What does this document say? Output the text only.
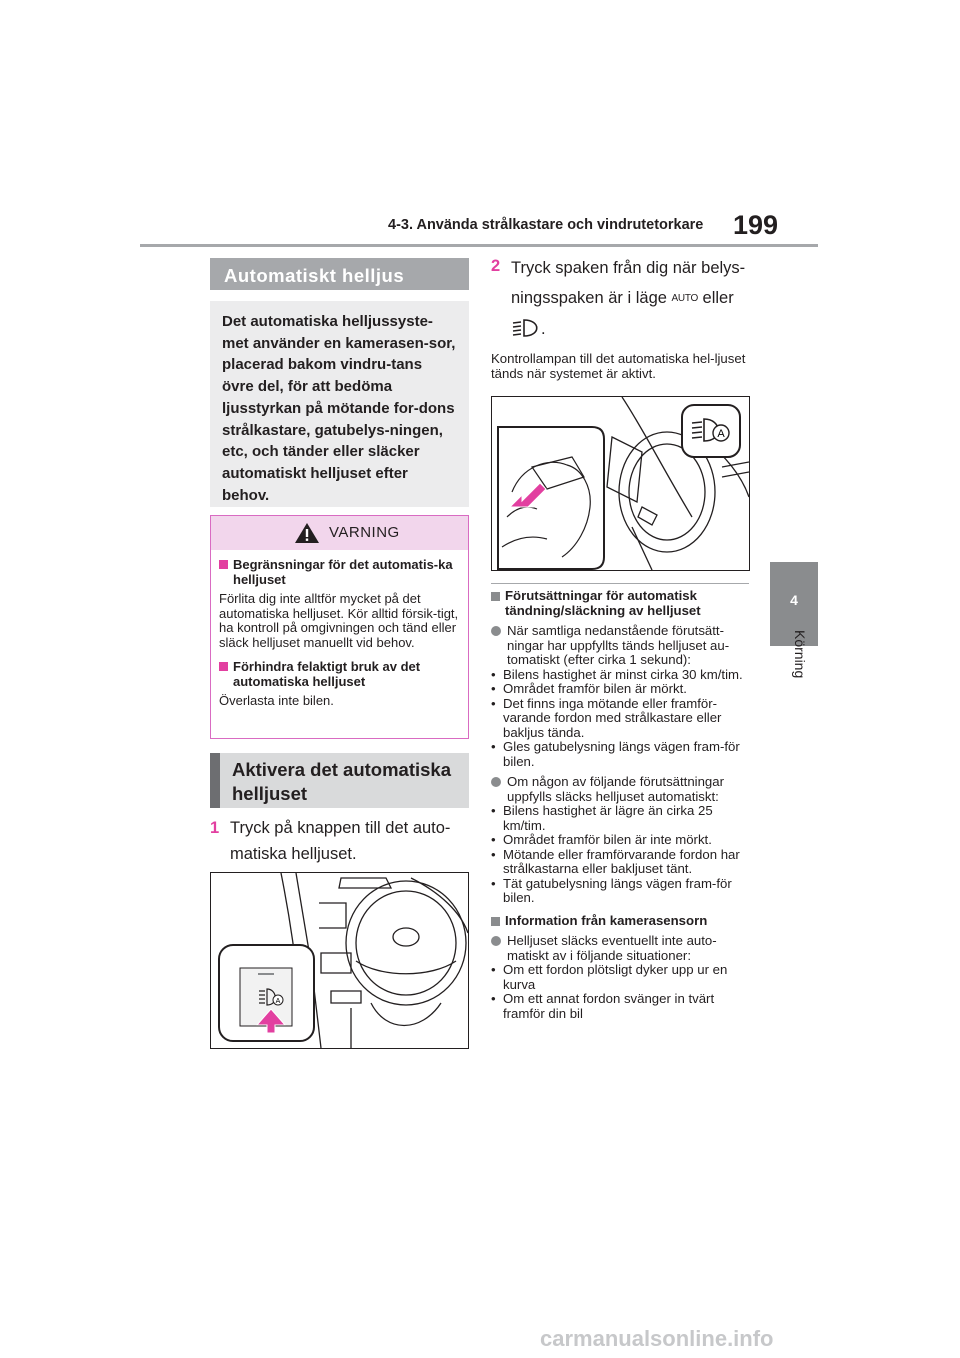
4-3. Använda strålkastare och vindrutetorkare 199
4
Körning
Automatiskt helljus
Det automatiska helljussyste-met använder en kamerasen-sor, placerad bakom vindru-tans övre del, för att bedöma ljusstyrkan på mötande for-dons strålkastare, gatubelys-ningen, etc, och tänder eller släcker automatiskt helljuset efter behov.
VARNING
Begränsningar för det automatis-ka helljuset
Förlita dig inte alltför mycket på det automatiska helljuset. Kör alltid försik-tigt, ha kontroll på omgivningen och tänd eller släck helljuset manuellt vid behov.
Förhindra felaktigt bruk av det automatiska helljuset
Överlasta inte bilen.
Aktivera det automatiska helljuset
1 Tryck på knappen till det auto-matiska helljuset.
A
2 Tryck spaken från dig när belys-ningsspaken är i läge AUTO eller
.
Kontrollampan till det automatiska hel-ljuset tänds när systemet är aktivt.
A
Förutsättningar för automatisk tändning/släckning av helljuset
När samtliga nedanstående förutsätt-ningar har uppfyllts tänds helljuset au-tomatiskt (efter cirka 1 sekund):
• Bilens hastighet är minst cirka 30 km/tim.
• Området framför bilen är mörkt.
• Det finns inga mötande eller framför-varande fordon med strålkastare eller bakljus tända.
• Gles gatubelysning längs vägen fram-för bilen.
Om någon av följande förutsättningar uppfylls släcks helljuset automatiskt:
• Bilens hastighet är lägre än cirka 25 km/tim.
• Området framför bilen är inte mörkt.
• Mötande eller framförvarande fordon har strålkastarna eller bakljuset tänt.
• Tät gatubelysning längs vägen fram-för bilen.
Information från kamerasensorn
Helljuset släcks eventuellt inte auto-matiskt av i följande situationer:
• Om ett fordon plötsligt dyker upp ur en kurva
• Om ett annat fordon svänger in tvärt framför din bil
carmanualsonline.info
